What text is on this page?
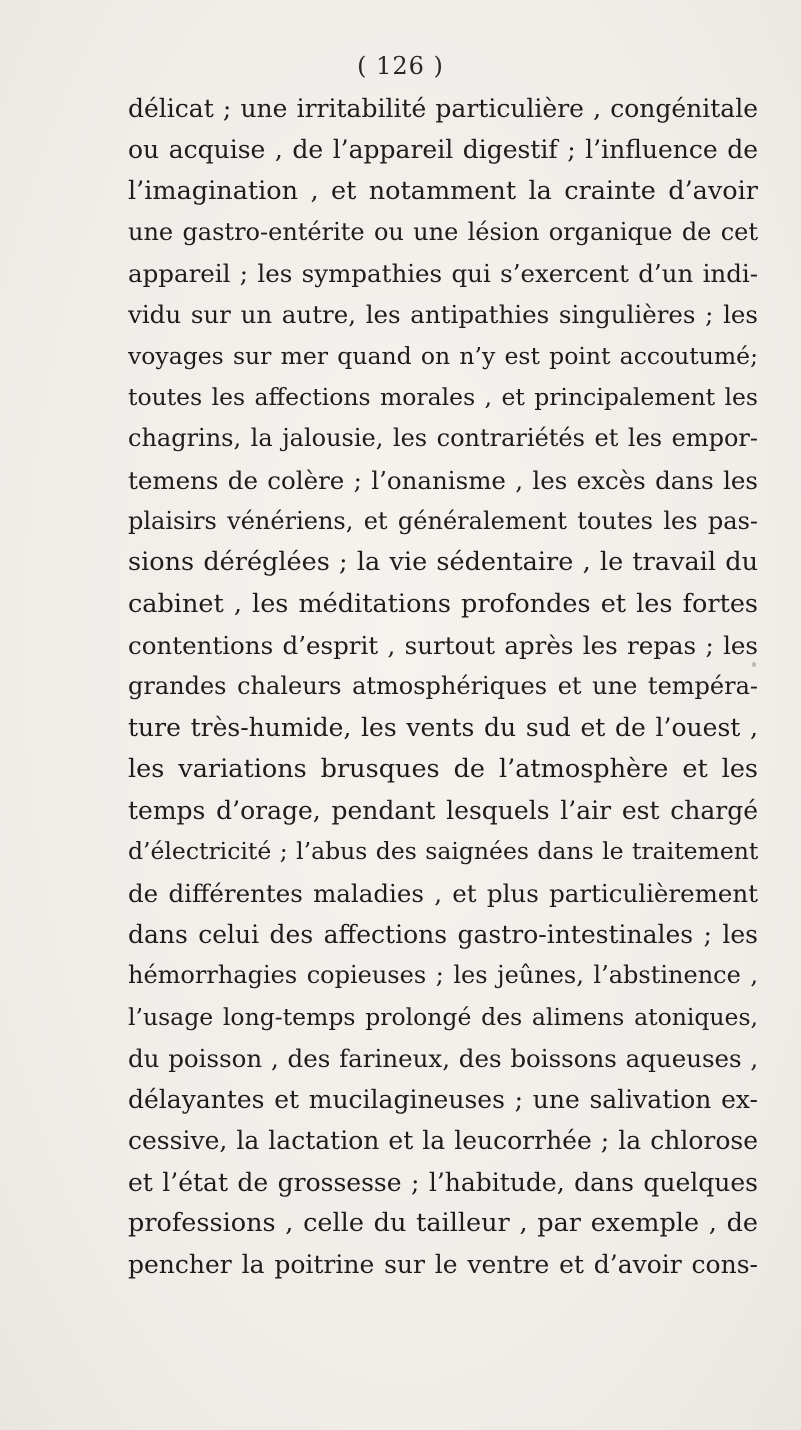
( 126 )
délicat ; une irritabilité particulière , congénitale
ou acquise , de l’appareil digestif ; l’influence de
l’imagination , et notamment la crainte d’avoir
une gastro-entérite ou une lésion organique de cet
appareil ; les sympathies qui s’exercent d’un indi-
vidu sur un autre, les antipathies singulières ; les
voyages sur mer quand on n’y est point accoutumé;
toutes les affections morales , et principalement les
chagrins, la jalousie, les contrariétés et les empor-
temens de colère ; l’onanisme , les excès dans les
plaisirs vénériens, et généralement toutes les pas-
sions déréglées ; la vie sédentaire , le travail du
cabinet , les méditations profondes et les fortes
contentions d’esprit , surtout après les repas ; les
grandes chaleurs atmosphériques et une tempéra-
ture très-humide, les vents du sud et de l’ouest ,
les variations brusques de l’atmosphère et les
temps d’orage, pendant lesquels l’air est chargé
d’électricité ; l’abus des saignées dans le traitement
de différentes maladies , et plus particulièrement
dans celui des affections gastro-intestinales ; les
hémorrhagies copieuses ; les jeûnes, l’abstinence ,
l’usage long-temps prolongé des alimens atoniques,
du poisson , des farineux, des boissons aqueuses ,
délayantes et mucilagineuses ; une salivation ex-
cessive, la lactation et la leucorrhée ; la chlorose
et l’état de grossesse ; l’habitude, dans quelques
professions , celle du tailleur , par exemple , de
pencher la poitrine sur le ventre et d’avoir cons-
